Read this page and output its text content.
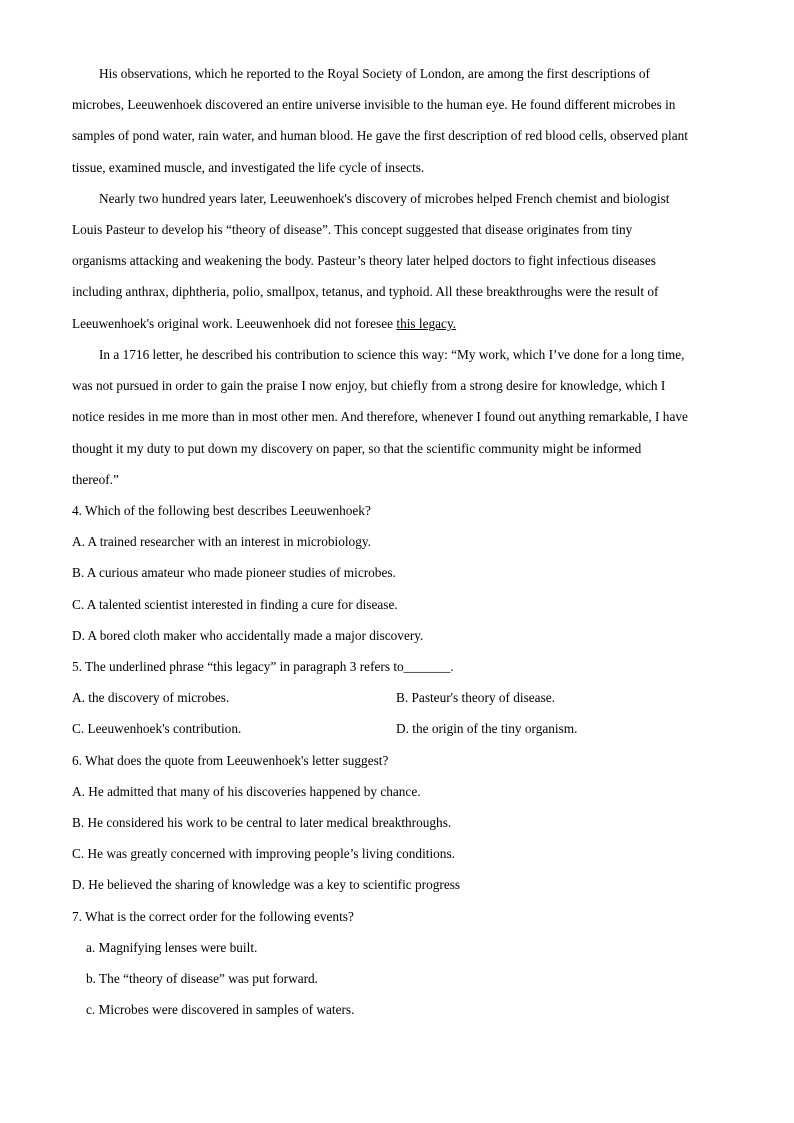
His observations, which he reported to the Royal Society of London, are among the first descriptions of
microbes, Leeuwenhoek discovered an entire universe invisible to the human eye. He found different microbes in
samples of pond water, rain water, and human blood. He gave the first description of red blood cells, observed plant
tissue, examined muscle, and investigated the life cycle of insects.
Nearly two hundred years later, Leeuwenhoek's discovery of microbes helped French chemist and biologist
Louis Pasteur to develop his “theory of disease”. This concept suggested that disease originates from tiny
organisms attacking and weakening the body. Pasteur’s theory later helped doctors to fight infectious diseases
including anthrax, diphtheria, polio, smallpox, tetanus, and typhoid. All these breakthroughs were the result of
Leeuwenhoek's original work. Leeuwenhoek did not foresee this legacy.
In a 1716 letter, he described his contribution to science this way: “My work, which I’ve done for a long time,
was not pursued in order to gain the praise I now enjoy, but chiefly from a strong desire for knowledge, which I
notice resides in me more than in most other men. And therefore, whenever I found out anything remarkable, I have
thought it my duty to put down my discovery on paper, so that the scientific community might be informed
thereof.”
4. Which of the following best describes Leeuwenhoek?
A. A trained researcher with an interest in microbiology.
B. A curious amateur who made pioneer studies of microbes.
C. A talented scientist interested in finding a cure for disease.
D. A bored cloth maker who accidentally made a major discovery.
5. The underlined phrase “this legacy” in paragraph 3 refers to_______.
A. the discovery of microbes.	B. Pasteur's theory of disease.
C. Leeuwenhoek's contribution.	D. the origin of the tiny organism.
6. What does the quote from Leeuwenhoek's letter suggest?
A. He admitted that many of his discoveries happened by chance.
B. He considered his work to be central to later medical breakthroughs.
C. He was greatly concerned with improving people’s living conditions.
D. He believed the sharing of knowledge was a key to scientific progress
7. What is the correct order for the following events?
a. Magnifying lenses were built.
b. The “theory of disease” was put forward.
c. Microbes were discovered in samples of waters.
